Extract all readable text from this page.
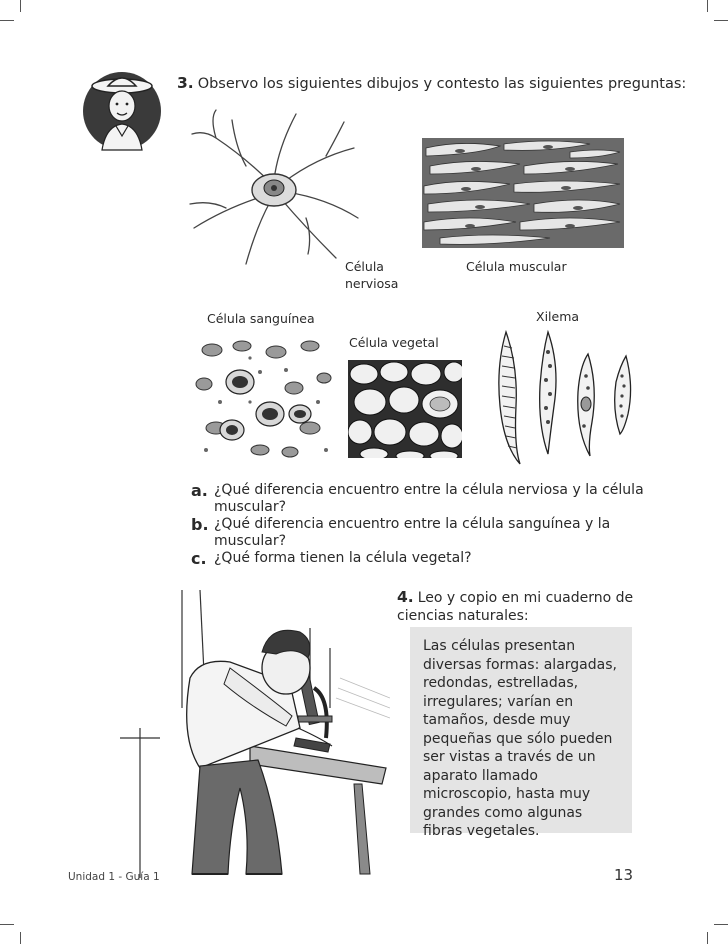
3. Observo los siguientes dibujos y contesto las siguientes preguntas:
Célula
nerviosa
Célula muscular
Célula sanguínea	Xilema
Célula vegetal
a. ¿Qué diferencia encuentro entre la célula nerviosa y la célula muscular?
b. ¿Qué diferencia encuentro entre la célula sanguínea y la muscular?
c. ¿Qué forma tienen la célula vegetal?
4. Leo y copio en mi cuaderno de ciencias naturales:
Las células presentan diversas formas: alargadas, redondas, estrelladas, irregulares; varían en tamaños, desde muy pequeñas que sólo pueden ser vistas a través de un aparato llamado microscopio, hasta muy grandes como algunas fibras vegetales.
Unidad 1 - Guía 1	13
